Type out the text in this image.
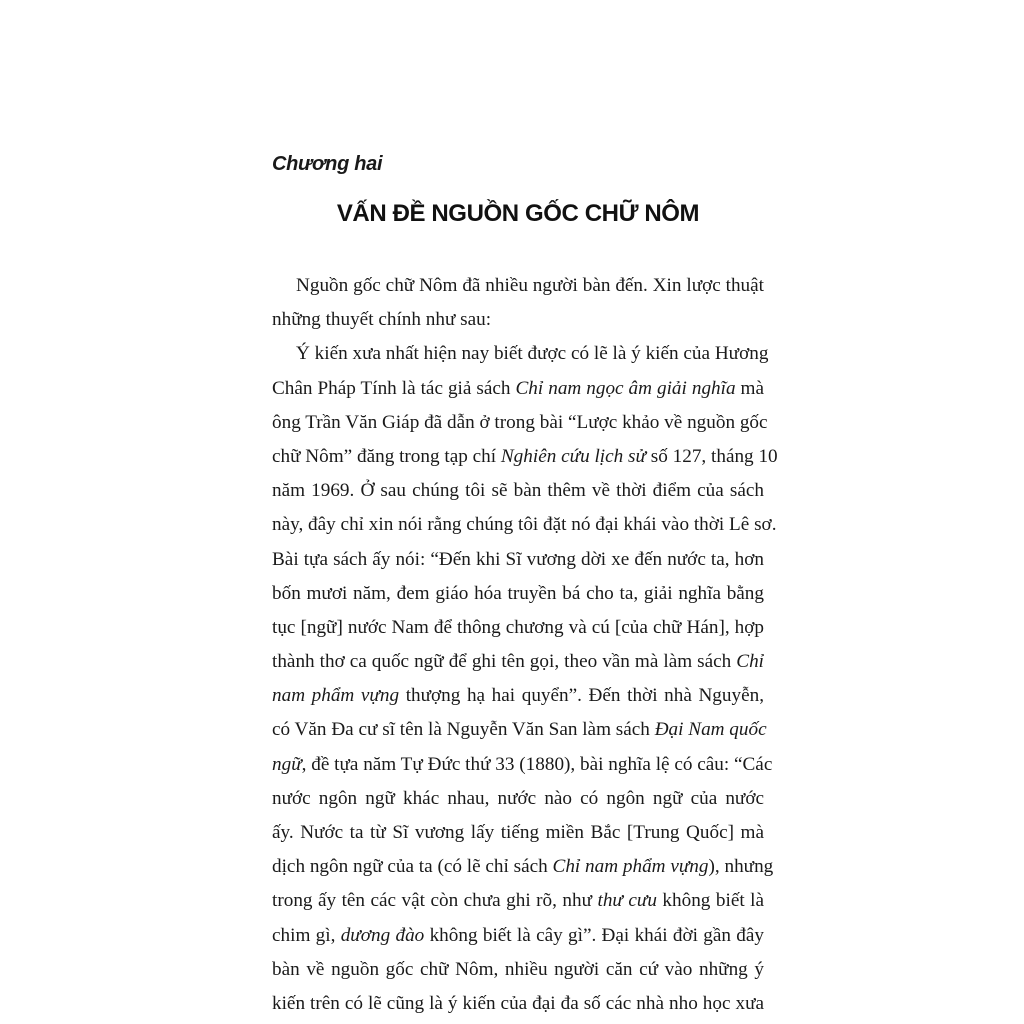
Chương hai
VẤN ĐỀ NGUỒN GỐC CHỮ NÔM
Nguồn gốc chữ Nôm đã nhiều người bàn đến. Xin lược thuật
những thuyết chính như sau:
Ý kiến xưa nhất hiện nay biết được có lẽ là ý kiến của Hương
Chân Pháp Tính là tác giả sách Chỉ nam ngọc âm giải nghĩa mà
ông Trần Văn Giáp đã dẫn ở trong bài “Lược khảo về nguồn gốc
chữ Nôm” đăng trong tạp chí Nghiên cứu lịch sử số 127, tháng 10
năm 1969. Ở sau chúng tôi sẽ bàn thêm về thời điểm của sách
này, đây chỉ xin nói rằng chúng tôi đặt nó đại khái vào thời Lê sơ.
Bài tựa sách ấy nói: “Đến khi Sĩ vương dời xe đến nước ta, hơn
bốn mươi năm, đem giáo hóa truyền bá cho ta, giải nghĩa bằng
tục [ngữ] nước Nam để thông chương và cú [của chữ Hán], hợp
thành thơ ca quốc ngữ để ghi tên gọi, theo vần mà làm sách Chỉ
nam phẩm vựng thượng hạ hai quyển”. Đến thời nhà Nguyễn,
có Văn Đa cư sĩ tên là Nguyễn Văn San làm sách Đại Nam quốc
ngữ, đề tựa năm Tự Đức thứ 33 (1880), bài nghĩa lệ có câu: “Các
nước ngôn ngữ khác nhau, nước nào có ngôn ngữ của nước
ấy. Nước ta từ Sĩ vương lấy tiếng miền Bắc [Trung Quốc] mà
dịch ngôn ngữ của ta (có lẽ chỉ sách Chỉ nam phẩm vựng), nhưng
trong ấy tên các vật còn chưa ghi rõ, như thư cưu không biết là
chim gì, dương đào không biết là cây gì”. Đại khái đời gần đây
bàn về nguồn gốc chữ Nôm, nhiều người căn cứ vào những ý
kiến trên có lẽ cũng là ý kiến của đại đa số các nhà nho học xưa
